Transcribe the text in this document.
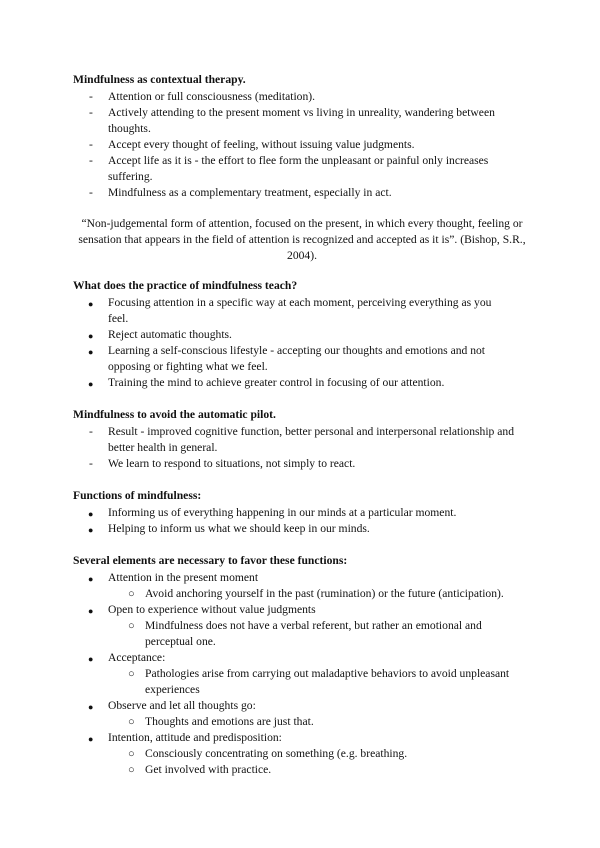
Mindfulness as contextual therapy.

- Attention or full consciousness (meditation).
- Actively attending to the present moment vs living in unreality, wandering between thoughts.
- Accept every thought of feeling, without issuing value judgments.
- Accept life as it is - the effort to flee form the unpleasant or painful only increases suffering.
- Mindfulness as a complementary treatment, especially in act.

“Non-judgemental form of attention, focused on the present, in which every thought, feeling or sensation that appears in the field of attention is recognized and accepted as it is”. (Bishop, S.R., 2004).

What does the practice of mindfulness teach?

● Focusing attention in a specific way at each moment, perceiving everything as you feel.
● Reject automatic thoughts.
● Learning a self-conscious lifestyle - accepting our thoughts and emotions and not opposing or fighting what we feel.
● Training the mind to achieve greater control in focusing of our attention.

Mindfulness to avoid the automatic pilot.

- Result - improved cognitive function, better personal and interpersonal relationship and better health in general.
- We learn to respond to situations, not simply to react.

Functions of mindfulness:

● Informing us of everything happening in our minds at a particular moment.
● Helping to inform us what we should keep in our minds.

Several elements are necessary to favor these functions:

● Attention in the present moment
○ Avoid anchoring yourself in the past (rumination) or the future (anticipation).
● Open to experience without value judgments
○ Mindfulness does not have a verbal referent, but rather an emotional and perceptual one.
● Acceptance:
○ Pathologies arise from carrying out maladaptive behaviors to avoid unpleasant experiences
● Observe and let all thoughts go:
○ Thoughts and emotions are just that.
● Intention, attitude and predisposition:
○ Consciously concentrating on something (e.g. breathing.
○ Get involved with practice.
